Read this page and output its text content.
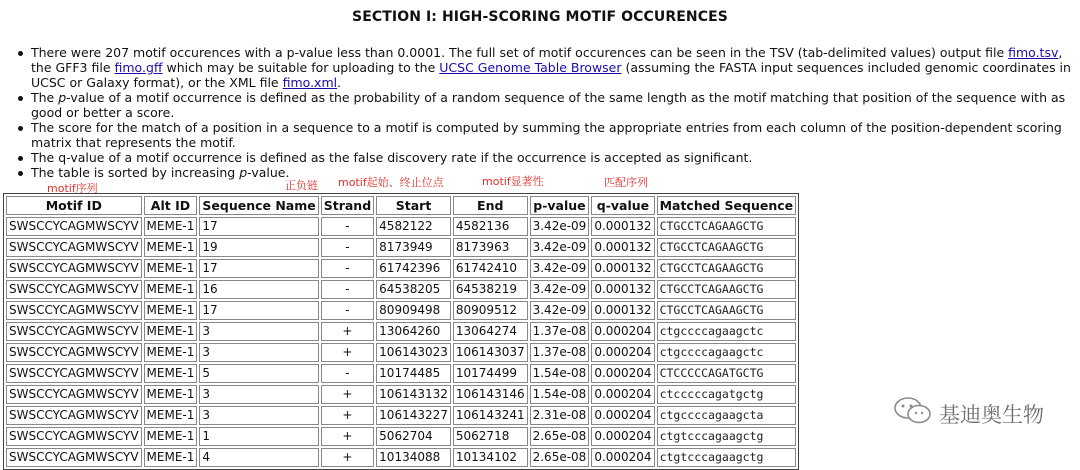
SECTION I: HIGH-SCORING MOTIF OCCURENCES
There were 207 motif occurences with a p-value less than 0.0001. The full set of motif occurences can be seen in the TSV (tab-delimited values) output file fimo.tsv, the GFF3 file fimo.gff which may be suitable for uploading to the UCSC Genome Table Browser (assuming the FASTA input sequences included genomic coordinates in UCSC or Galaxy format), or the XML file fimo.xml.
The p-value of a motif occurrence is defined as the probability of a random sequence of the same length as the motif matching that position of the sequence with as good or better a score.
The score for the match of a position in a sequence to a motif is computed by summing the appropriate entries from each column of the position-dependent scoring matrix that represents the motif.
The q-value of a motif occurrence is defined as the false discovery rate if the occurrence is accepted as significant.
The table is sorted by increasing p-value.
motif序列	正负链 motif起始、终止位点	motif显著性	匹配序列
Motif ID	Alt ID	Sequence Name	Strand	Start	End	p-value	q-value	Matched Sequence
SWSCCYCAGMWSCYV	MEME-1	17	-	4582122	4582136	3.42e-09	0.000132	CTGCCTCAGAAGCTG
SWSCCYCAGMWSCYV	MEME-1	19	-	8173949	8173963	3.42e-09	0.000132	CTGCCTCAGAAGCTG
SWSCCYCAGMWSCYV	MEME-1	17	-	61742396	61742410	3.42e-09	0.000132	CTGCCTCAGAAGCTG
SWSCCYCAGMWSCYV	MEME-1	16	-	64538205	64538219	3.42e-09	0.000132	CTGCCTCAGAAGCTG
SWSCCYCAGMWSCYV	MEME-1	17	-	80909498	80909512	3.42e-09	0.000132	CTGCCTCAGAAGCTG
SWSCCYCAGMWSCYV	MEME-1	3	+	13064260	13064274	1.37e-08	0.000204	ctgccccagaagctc
SWSCCYCAGMWSCYV	MEME-1	3	+	106143023	106143037	1.37e-08	0.000204	ctgccccagaagctc
SWSCCYCAGMWSCYV	MEME-1	5	-	10174485	10174499	1.54e-08	0.000204	CTCCCCCAGATGCTG
SWSCCYCAGMWSCYV	MEME-1	3	+	106143132	106143146	1.54e-08	0.000204	ctcccccagatgctg
SWSCCYCAGMWSCYV	MEME-1	3	+	106143227	106143241	2.31e-08	0.000204	ctgccccagaagcta
SWSCCYCAGMWSCYV	MEME-1	1	+	5062704	5062718	2.65e-08	0.000204	ctgtcccagaagctg
SWSCCYCAGMWSCYV	MEME-1	4	+	10134088	10134102	2.65e-08	0.000204	ctgtcccagaagctg
基迪奥生物
